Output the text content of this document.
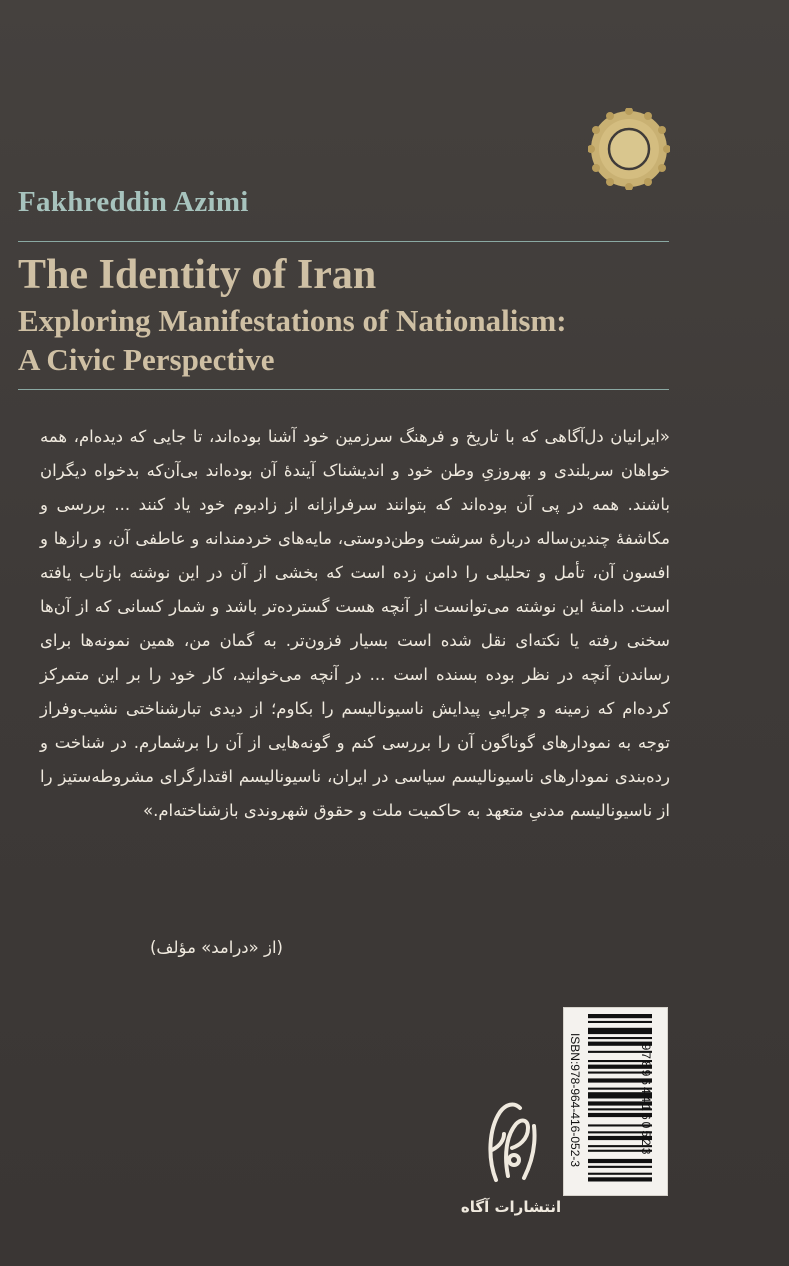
Fakhreddin Azimi
The Identity of Iran
Exploring Manifestations of Nationalism:
A Civic Perspective

«ایرانیان دل‌آگاهی که با تاریخ و فرهنگ سرزمین خود آشنا بوده‌اند، تا جایی که دیده‌ام، همه خواهان سربلندی و بهروزیِ وطن خود و اندیشناک آیندهٔ آن بوده‌اند بی‌آن‌که بدخواه دیگران باشند. همه در پی آن بوده‌اند که بتوانند سرفرازانه از زادبوم خود یاد کنند ... بررسی و مکاشفهٔ چندین‌ساله دربارهٔ سرشت وطن‌دوستی، مایه‌های خردمندانه و عاطفی آن، و رازها و افسون آن، تأمل و تحلیلی را دامن زده است که بخشی از آن در این نوشته بازتاب یافته است. دامنهٔ این نوشته می‌توانست از آنچه هست گسترده‌تر باشد و شمار کسانی که از آن‌ها سخنی رفته یا نکته‌ای نقل شده است بسیار فزون‌تر. به گمان من، همین نمونه‌ها برای رساندن آنچه در نظر بوده بسنده است ... در آنچه می‌خوانید، کار خود را بر این متمرکز کرده‌ام که زمینه و چراییِ پیدایش ناسیونالیسم را بکاوم؛ از دیدی تبارشناختی نشیب‌وفراز توجه به نمودارهای گوناگون آن را بررسی کنم و گونه‌هایی از آن را برشمارم. در شناخت و رده‌بندی نمودارهای ناسیونالیسم سیاسی در ایران، ناسیونالیسم اقتدارگرای مشروطه‌ستیز را از ناسیونالیسم مدنیِ متعهد به حاکمیت ملت و حقوق شهروندی بازشناخته‌ام.»

(از «درامد» مؤلف)
انتشارات آگاه
ISBN:978-964-416-052-3	9789644160523
